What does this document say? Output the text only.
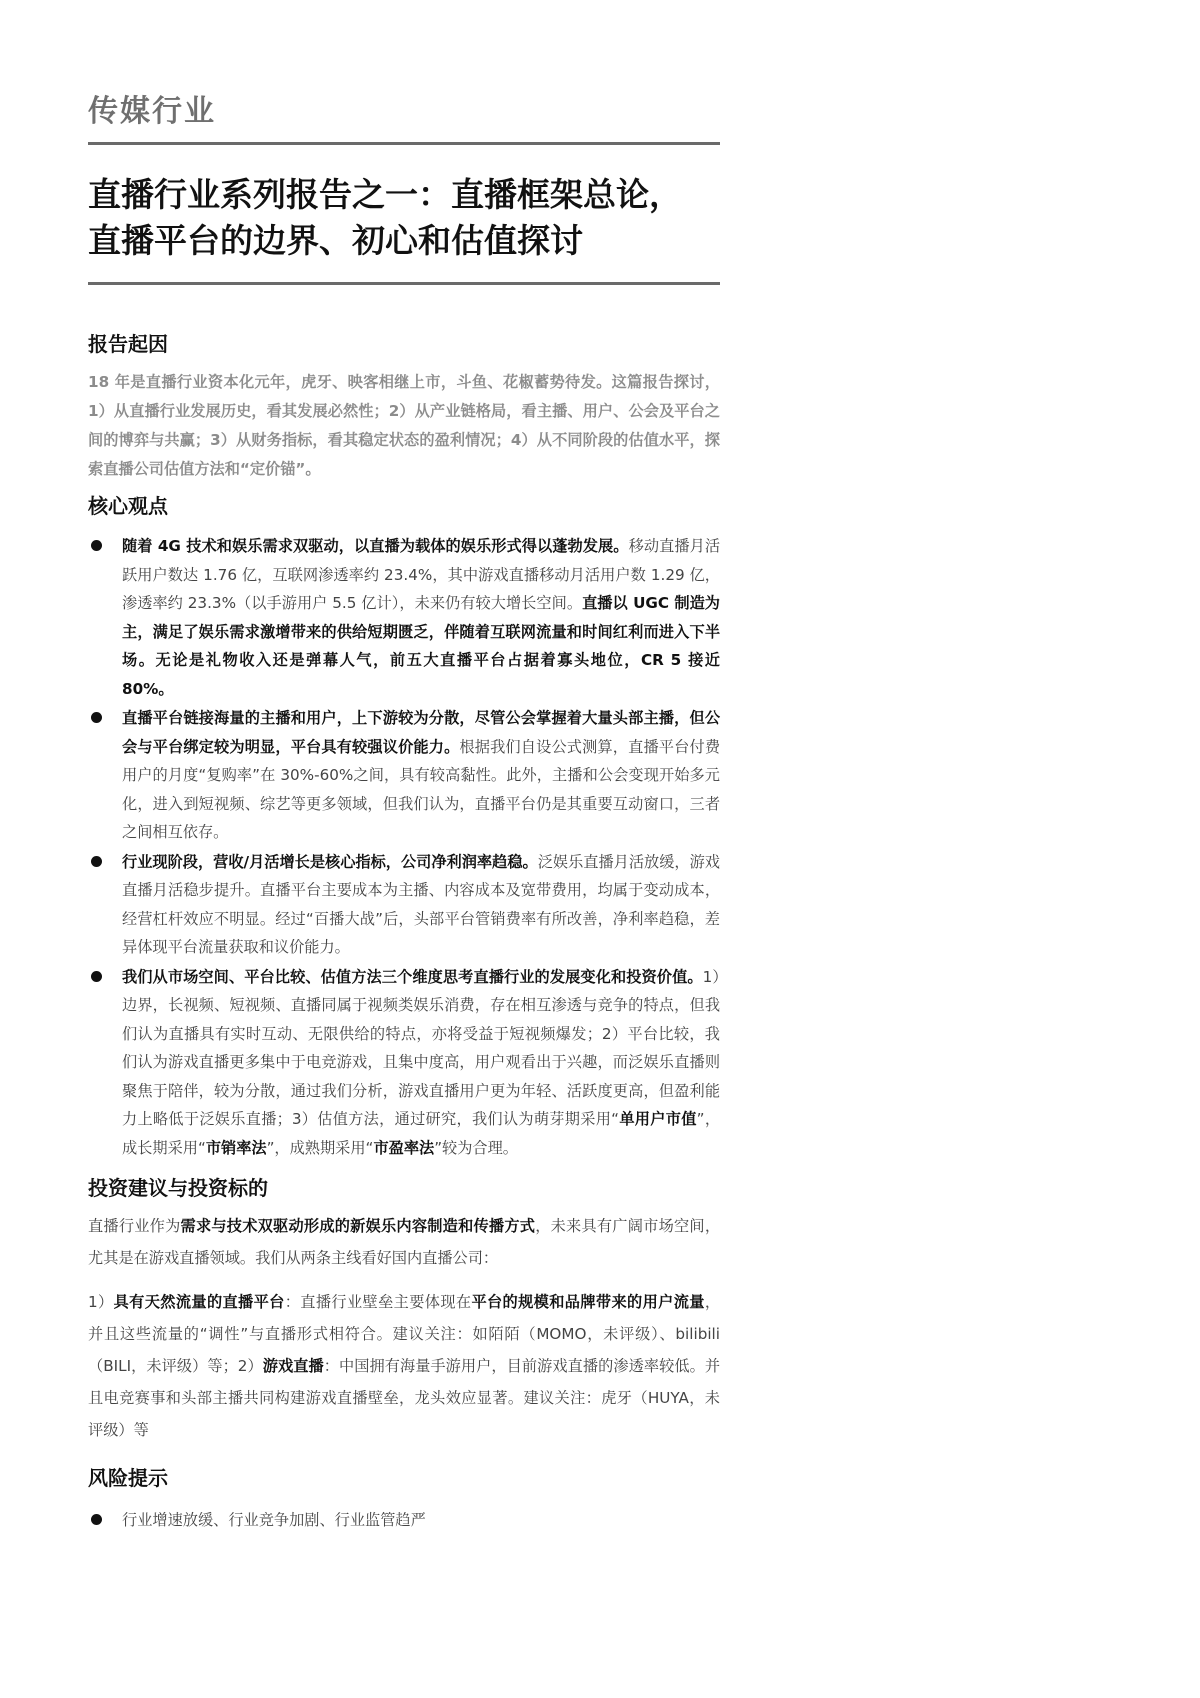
传媒行业
直播行业系列报告之一：直播框架总论，
直播平台的边界、初心和估值探讨
报告起因

18 年是直播行业资本化元年，虎牙、映客相继上市，斗鱼、花椒蓄势待发。这篇报告探讨，1）从直播行业发展历史，看其发展必然性；2）从产业链格局，看主播、用户、公会及平台之间的博弈与共赢；3）从财务指标，看其稳定状态的盈利情况；4）从不同阶段的估值水平，探索直播公司估值方法和“定价锚”。

核心观点
随着 4G 技术和娱乐需求双驱动，以直播为载体的娱乐形式得以蓬勃发展。移动直播月活跃用户数达 1.76 亿，互联网渗透率约 23.4%，其中游戏直播移动月活用户数 1.29 亿，渗透率约 23.3%（以手游用户 5.5 亿计），未来仍有较大增长空间。直播以 UGC 制造为主，满足了娱乐需求激增带来的供给短期匮乏，伴随着互联网流量和时间红利而进入下半场。无论是礼物收入还是弹幕人气，前五大直播平台占据着寡头地位，CR 5 接近 80%。
直播平台链接海量的主播和用户，上下游较为分散，尽管公会掌握着大量头部主播，但公会与平台绑定较为明显，平台具有较强议价能力。根据我们自设公式测算，直播平台付费用户的月度“复购率”在 30%-60%之间，具有较高黏性。此外，主播和公会变现开始多元化，进入到短视频、综艺等更多领域，但我们认为，直播平台仍是其重要互动窗口，三者之间相互依存。
行业现阶段，营收/月活增长是核心指标，公司净利润率趋稳。泛娱乐直播月活放缓，游戏直播月活稳步提升。直播平台主要成本为主播、内容成本及宽带费用，均属于变动成本，经营杠杆效应不明显。经过“百播大战”后，头部平台管销费率有所改善，净利率趋稳，差异体现平台流量获取和议价能力。
我们从市场空间、平台比较、估值方法三个维度思考直播行业的发展变化和投资价值。1）边界，长视频、短视频、直播同属于视频类娱乐消费，存在相互渗透与竞争的特点，但我们认为直播具有实时互动、无限供给的特点，亦将受益于短视频爆发；2）平台比较，我们认为游戏直播更多集中于电竞游戏，且集中度高，用户观看出于兴趣，而泛娱乐直播则聚焦于陪伴，较为分散，通过我们分析，游戏直播用户更为年轻、活跃度更高，但盈利能力上略低于泛娱乐直播；3）估值方法，通过研究，我们认为萌芽期采用“单用户市值”，成长期采用“市销率法”，成熟期采用“市盈率法”较为合理。
投资建议与投资标的

直播行业作为需求与技术双驱动形成的新娱乐内容制造和传播方式，未来具有广阔市场空间，尤其是在游戏直播领域。我们从两条主线看好国内直播公司：

1）具有天然流量的直播平台：直播行业壁垒主要体现在平台的规模和品牌带来的用户流量，并且这些流量的“调性”与直播形式相符合。建议关注：如陌陌（MOMO，未评级）、bilibili（BILI，未评级）等；2）游戏直播：中国拥有海量手游用户，目前游戏直播的渗透率较低。并且电竞赛事和头部主播共同构建游戏直播壁垒，龙头效应显著。建议关注：虎牙（HUYA，未评级）等

风险提示
行业增速放缓、行业竞争加剧、行业监管趋严
